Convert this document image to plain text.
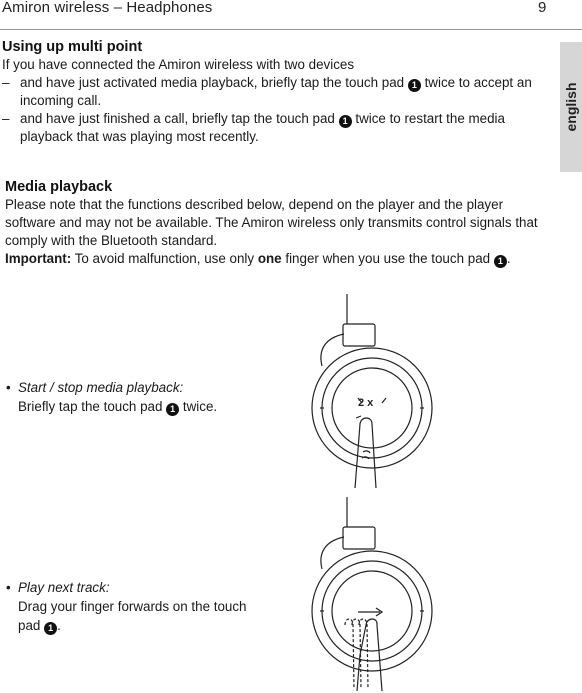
Amiron wireless – Headphones	9
english
Using up multi point
If you have connected the Amiron wireless with two devices
– and have just activated media playback, briefly tap the touch pad 1 twice to accept an incoming call.
– and have just finished a call, briefly tap the touch pad 1 twice to restart the media playback that was playing most recently.
Media playback
Please note that the functions described below, depend on the player and the player software and may not be available. The Amiron wireless only transmits control signals that comply with the Bluetooth standard.
Important: To avoid malfunction, use only one finger when you use the touch pad 1 .
• Start / stop media playback:
Briefly tap the touch pad 1 twice.
• Play next track:
Drag your finger forwards on the touch pad 1 .
2 x
